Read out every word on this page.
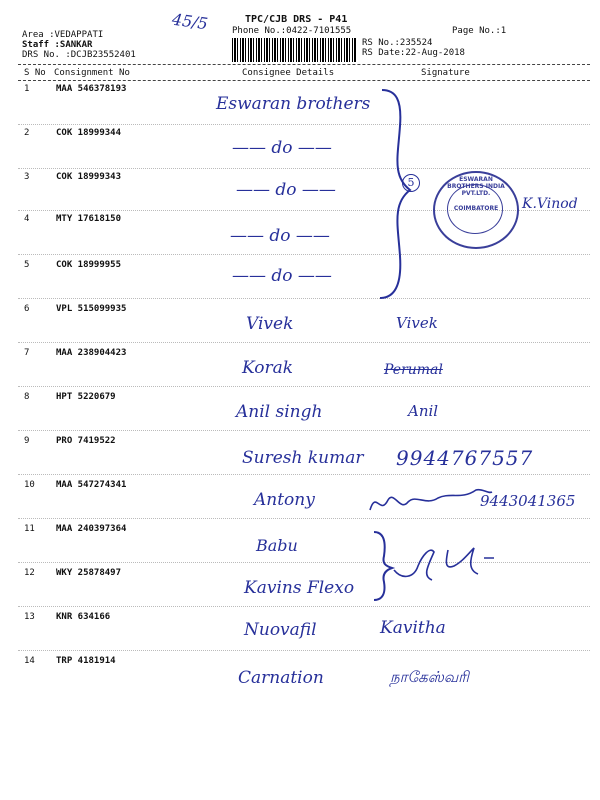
TPC/CJB DRS - P41
Phone No.:0422-7101555	Page No.:1
45/5
Area :VEDAPPATI
Staff :SANKAR
DRS No. :DCJB23552401
RS No.:235524
RS Date:22-Aug-2018
S No Consignment No	Consignee Details	Signature
1	MAA 546378193
Eswaran brothers
2	COK 18999344
—— do ——
3	COK 18999343
—— do ——
4	MTY 17618150
—— do ——
5	COK 18999955
—— do ——
6	VPL 515099935
Vivek	Vivek
7	MAA 238904423
Korak	Perumal
8	HPT 5220679
Anil singh	Anil
9	PRO 7419522
Suresh kumar 9944767557
10 MAA 547274341
Antony	9443041365
11 MAA 240397364
Babu
12 WKY 25878497
Kavins Flexo
13 KNR 634166
Nuovafil	Kavitha
14 TRP 4181914
Carnation	நாகேஸ்வரி
5
K.Vinod
ESWARAN BROTHERS INDIA PVT.LTD.
COIMBATORE
